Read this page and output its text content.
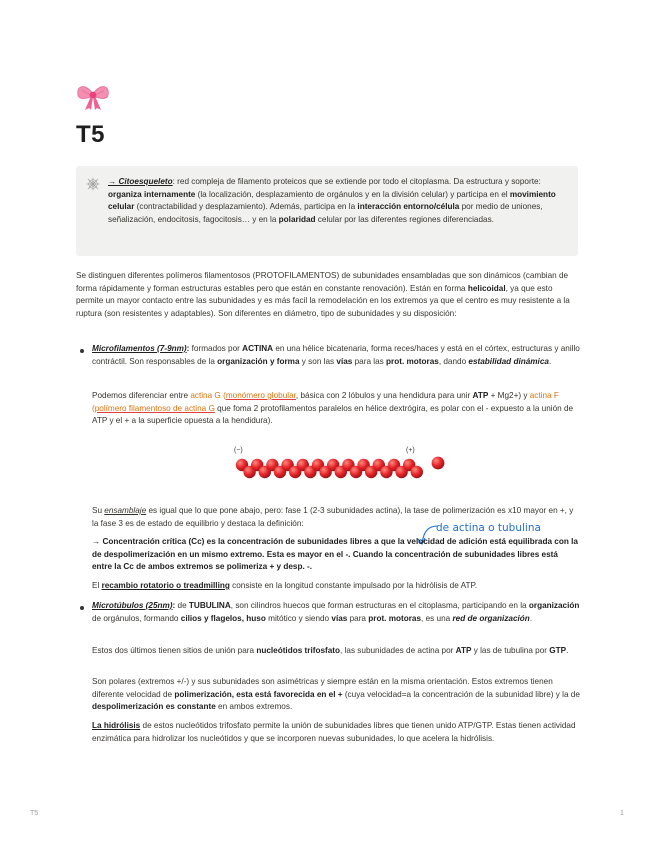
T5

→ Citoesqueleto: red compleja de filamento proteicos que se extiende por todo el citoplasma. Da estructura y soporte: organiza internamente (la localización, desplazamiento de orgánulos y en la división celular) y participa en el movimiento celular (contractabilidad y desplazamiento). Además, participa en la interacción entorno/célula por medio de uniones, señalización, endocitosis, fagocitosis… y en la polaridad celular por las diferentes regiones diferenciadas.

Se distinguen diferentes polímeros filamentosos (PROTOFILAMENTOS) de subunidades ensambladas que son dinámicos (cambian de forma rápidamente y forman estructuras estables pero que están en constante renovación). Están en forma helicoidal, ya que esto permite un mayor contacto entre las subunidades y es más facil la remodelación en los extremos ya que el centro es muy resistente a la ruptura (son resistentes y adaptables). Son diferentes en diámetro, tipo de subunidades y su disposición:

Microfilamentos (7-9nm): formados por ACTINA en una hélice bicatenaria, forma reces/haces y está en el córtex, estructuras y anillo contráctil. Son responsables de la organización y forma y son las vías para las prot. motoras, dando estabilidad dinámica.

Podemos diferenciar entre actina G (monómero globular, básica con 2 lóbulos y una hendidura para unir ATP + Mg2+) y actina F (polímero filamentoso de actina G que foma 2 protofilamentos paralelos en hélice dextrógira, es polar con el - expuesto a la unión de ATP y el + a la superficie opuesta a la hendidura).

(−)	(+)

Su ensamblaje es igual que lo que pone abajo, pero: fase 1 (2-3 subunidades actina), la tase de polimerización es x10 mayor en +, y la fase 3 es de estado de equilibrio y destaca la definición:	de actina o tubulina

→ Concentración crítica (Cc) es la concentración de subunidades libres a que la velocidad de adición está equilibrada con la de despolimerización en un mismo extremo. Esta es mayor en el -. Cuando la concentración de subunidades libres está entre la Cc de ambos extremos se polimeriza + y desp. -.

El recambio rotatorio o treadmilling consiste en la longitud constante impulsado por la hidrólisis de ATP.

Microtúbulos (25nm): de TUBULINA, son cilindros huecos que forman estructuras en el citoplasma, participando en la organización de orgánulos, formando cilios y flagelos, huso mitótico y siendo vías para prot. motoras, es una red de organización.

Estos dos últimos tienen sitios de unión para nucleótidos trifosfato, las subunidades de actina por ATP y las de tubulina por GTP.

Son polares (extremos +/-) y sus subunidades son asimétricas y siempre están en la misma orientación. Estos extremos tienen diferente velocidad de polimerización, esta está favorecida en el + (cuya velocidad=a la concentración de la subunidad libre) y la de despolimerización es constante en ambos extremos.

La hidrólisis de estos nucleótidos trifosfato permite la unión de subunidades libres que tienen unido ATP/GTP. Estas tienen actividad enzimática para hidrolizar los nucleótidos y que se incorporen nuevas subunidades, lo que acelera la hidrólisis.

T5	1
